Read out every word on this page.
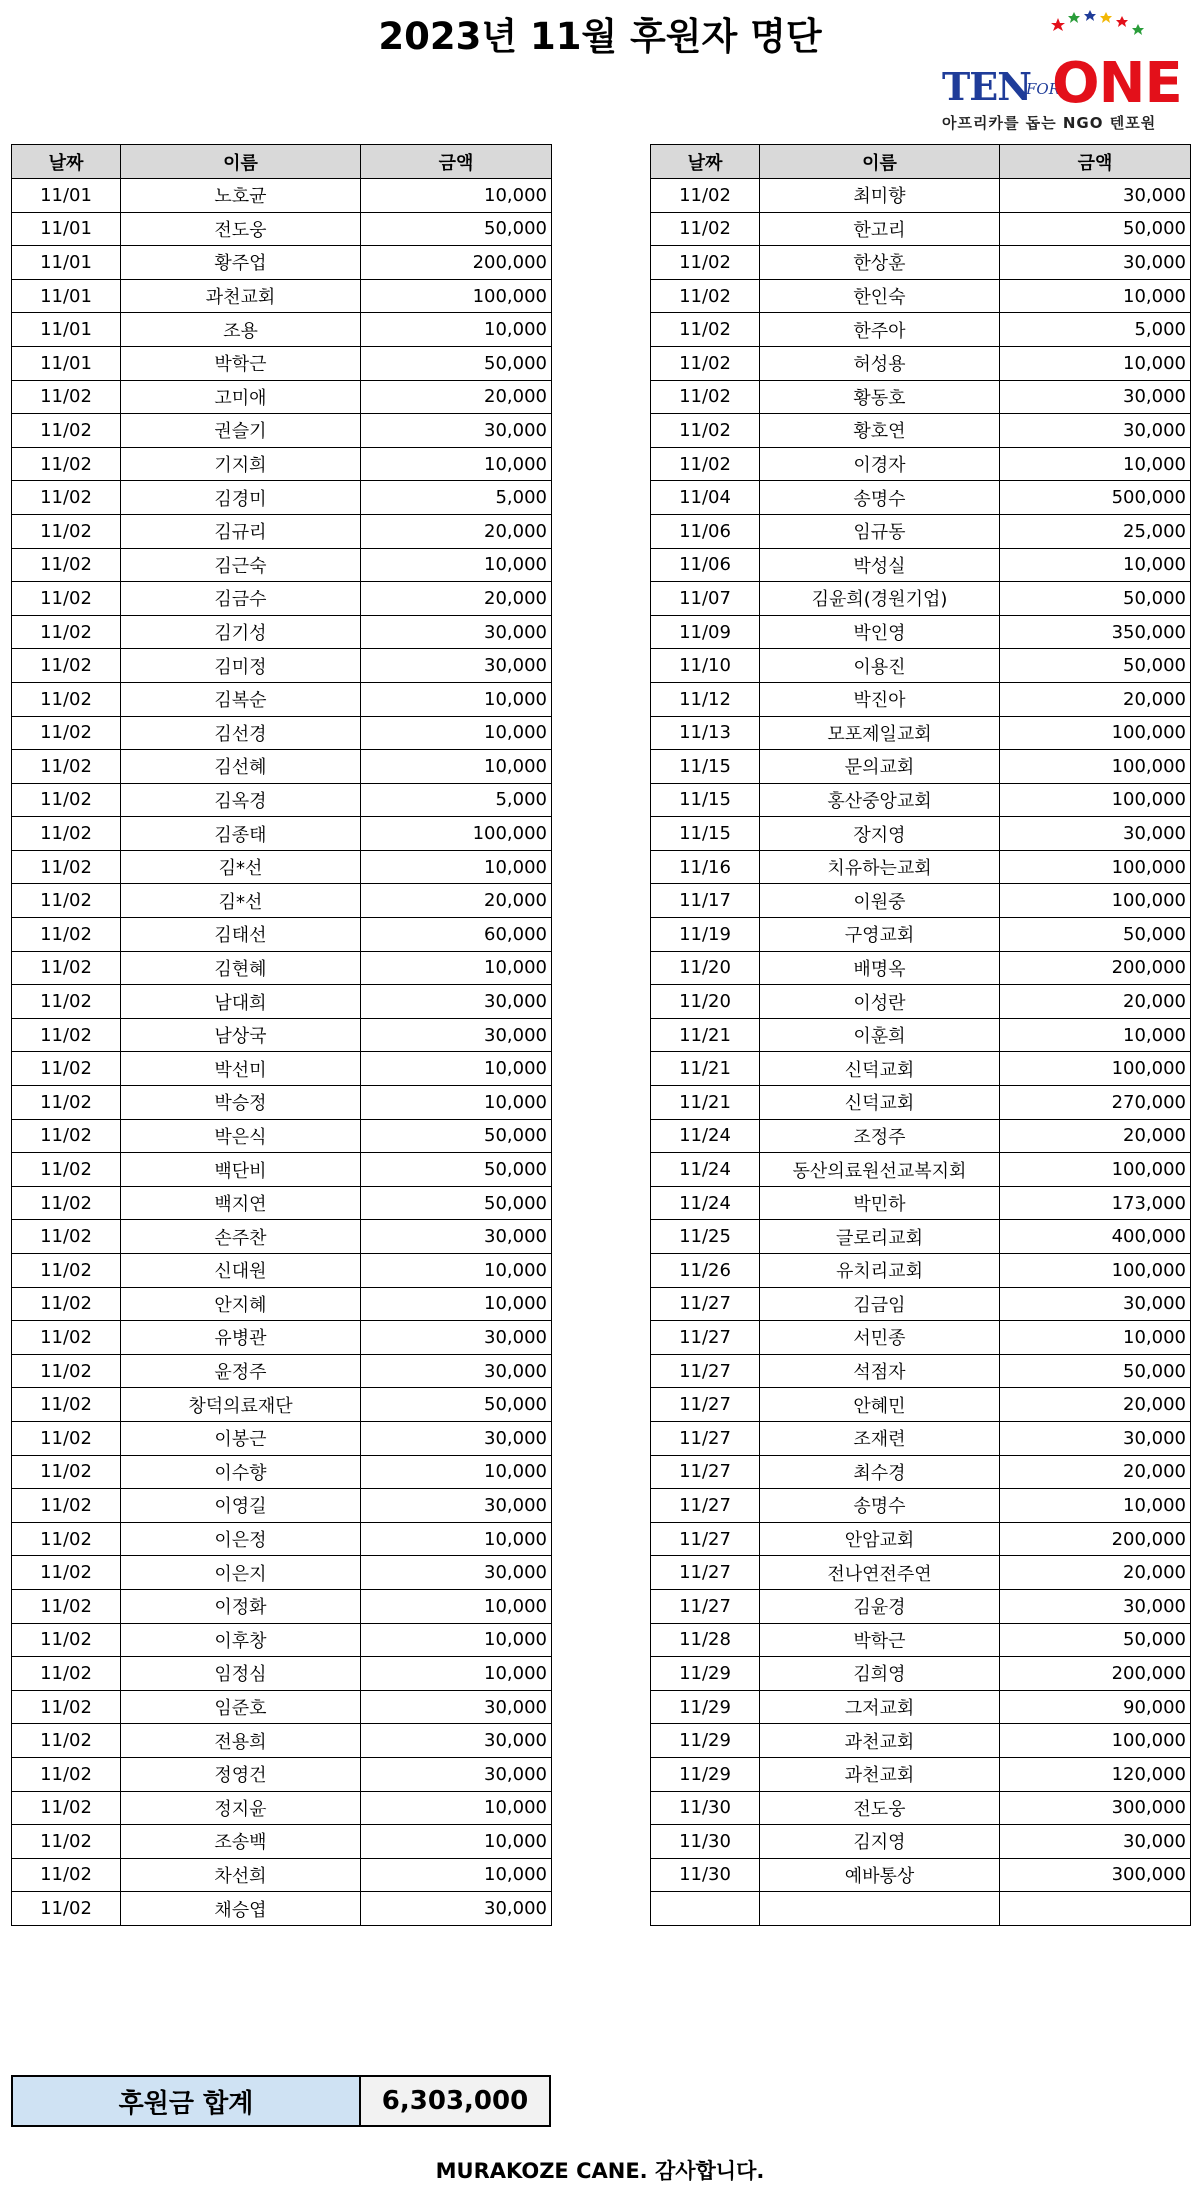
2023년 11월 후원자 명단
TEN
FOR
ONE
아프리카를 돕는 NGO 텐포원
날짜	이름	금액
11/01	노호균	10,000
11/01	전도웅	50,000
11/01	황주업	200,000
11/01	과천교회	100,000
11/01	조용	10,000
11/01	박학근	50,000
11/02	고미애	20,000
11/02	권슬기	30,000
11/02	기지희	10,000
11/02	김경미	5,000
11/02	김규리	20,000
11/02	김근숙	10,000
11/02	김금수	20,000
11/02	김기성	30,000
11/02	김미정	30,000
11/02	김복순	10,000
11/02	김선경	10,000
11/02	김선혜	10,000
11/02	김옥경	5,000
11/02	김종태	100,000
11/02	김*선	10,000
11/02	김*선	20,000
11/02	김태선	60,000
11/02	김현혜	10,000
11/02	남대희	30,000
11/02	남상국	30,000
11/02	박선미	10,000
11/02	박승정	10,000
11/02	박은식	50,000
11/02	백단비	50,000
11/02	백지연	50,000
11/02	손주찬	30,000
11/02	신대원	10,000
11/02	안지혜	10,000
11/02	유병관	30,000
11/02	윤정주	30,000
11/02	창덕의료재단	50,000
11/02	이봉근	30,000
11/02	이수향	10,000
11/02	이영길	30,000
11/02	이은정	10,000
11/02	이은지	30,000
11/02	이정화	10,000
11/02	이후창	10,000
11/02	임정심	10,000
11/02	임준호	30,000
11/02	전용희	30,000
11/02	정영건	30,000
11/02	정지윤	10,000
11/02	조송백	10,000
11/02	차선희	10,000
11/02	채승엽	30,000
날짜	이름	금액
11/02	최미향	30,000
11/02	한고리	50,000
11/02	한상훈	30,000
11/02	한인숙	10,000
11/02	한주아	5,000
11/02	허성용	10,000
11/02	황동호	30,000
11/02	황호연	30,000
11/02	이경자	10,000
11/04	송명수	500,000
11/06	임규동	25,000
11/06	박성실	10,000
11/07	김윤희(경원기업)	50,000
11/09	박인영	350,000
11/10	이용진	50,000
11/12	박진아	20,000
11/13	모포제일교회	100,000
11/15	문의교회	100,000
11/15	홍산중앙교회	100,000
11/15	장지영	30,000
11/16	치유하는교회	100,000
11/17	이원중	100,000
11/19	구영교회	50,000
11/20	배명옥	200,000
11/20	이성란	20,000
11/21	이훈희	10,000
11/21	신덕교회	100,000
11/21	신덕교회	270,000
11/24	조정주	20,000
11/24	동산의료원선교복지회	100,000
11/24	박민하	173,000
11/25	글로리교회	400,000
11/26	유치리교회	100,000
11/27	김금임	30,000
11/27	서민종	10,000
11/27	석점자	50,000
11/27	안혜민	20,000
11/27	조재련	30,000
11/27	최수경	20,000
11/27	송명수	10,000
11/27	안암교회	200,000
11/27	전나연전주연	20,000
11/27	김윤경	30,000
11/28	박학근	50,000
11/29	김희영	200,000
11/29	그저교회	90,000
11/29	과천교회	100,000
11/29	과천교회	120,000
11/30	전도웅	300,000
11/30	김지영	30,000
11/30	예바통상	300,000

후원금 합계	6,303,000
MURAKOZE CANE. 감사합니다.
